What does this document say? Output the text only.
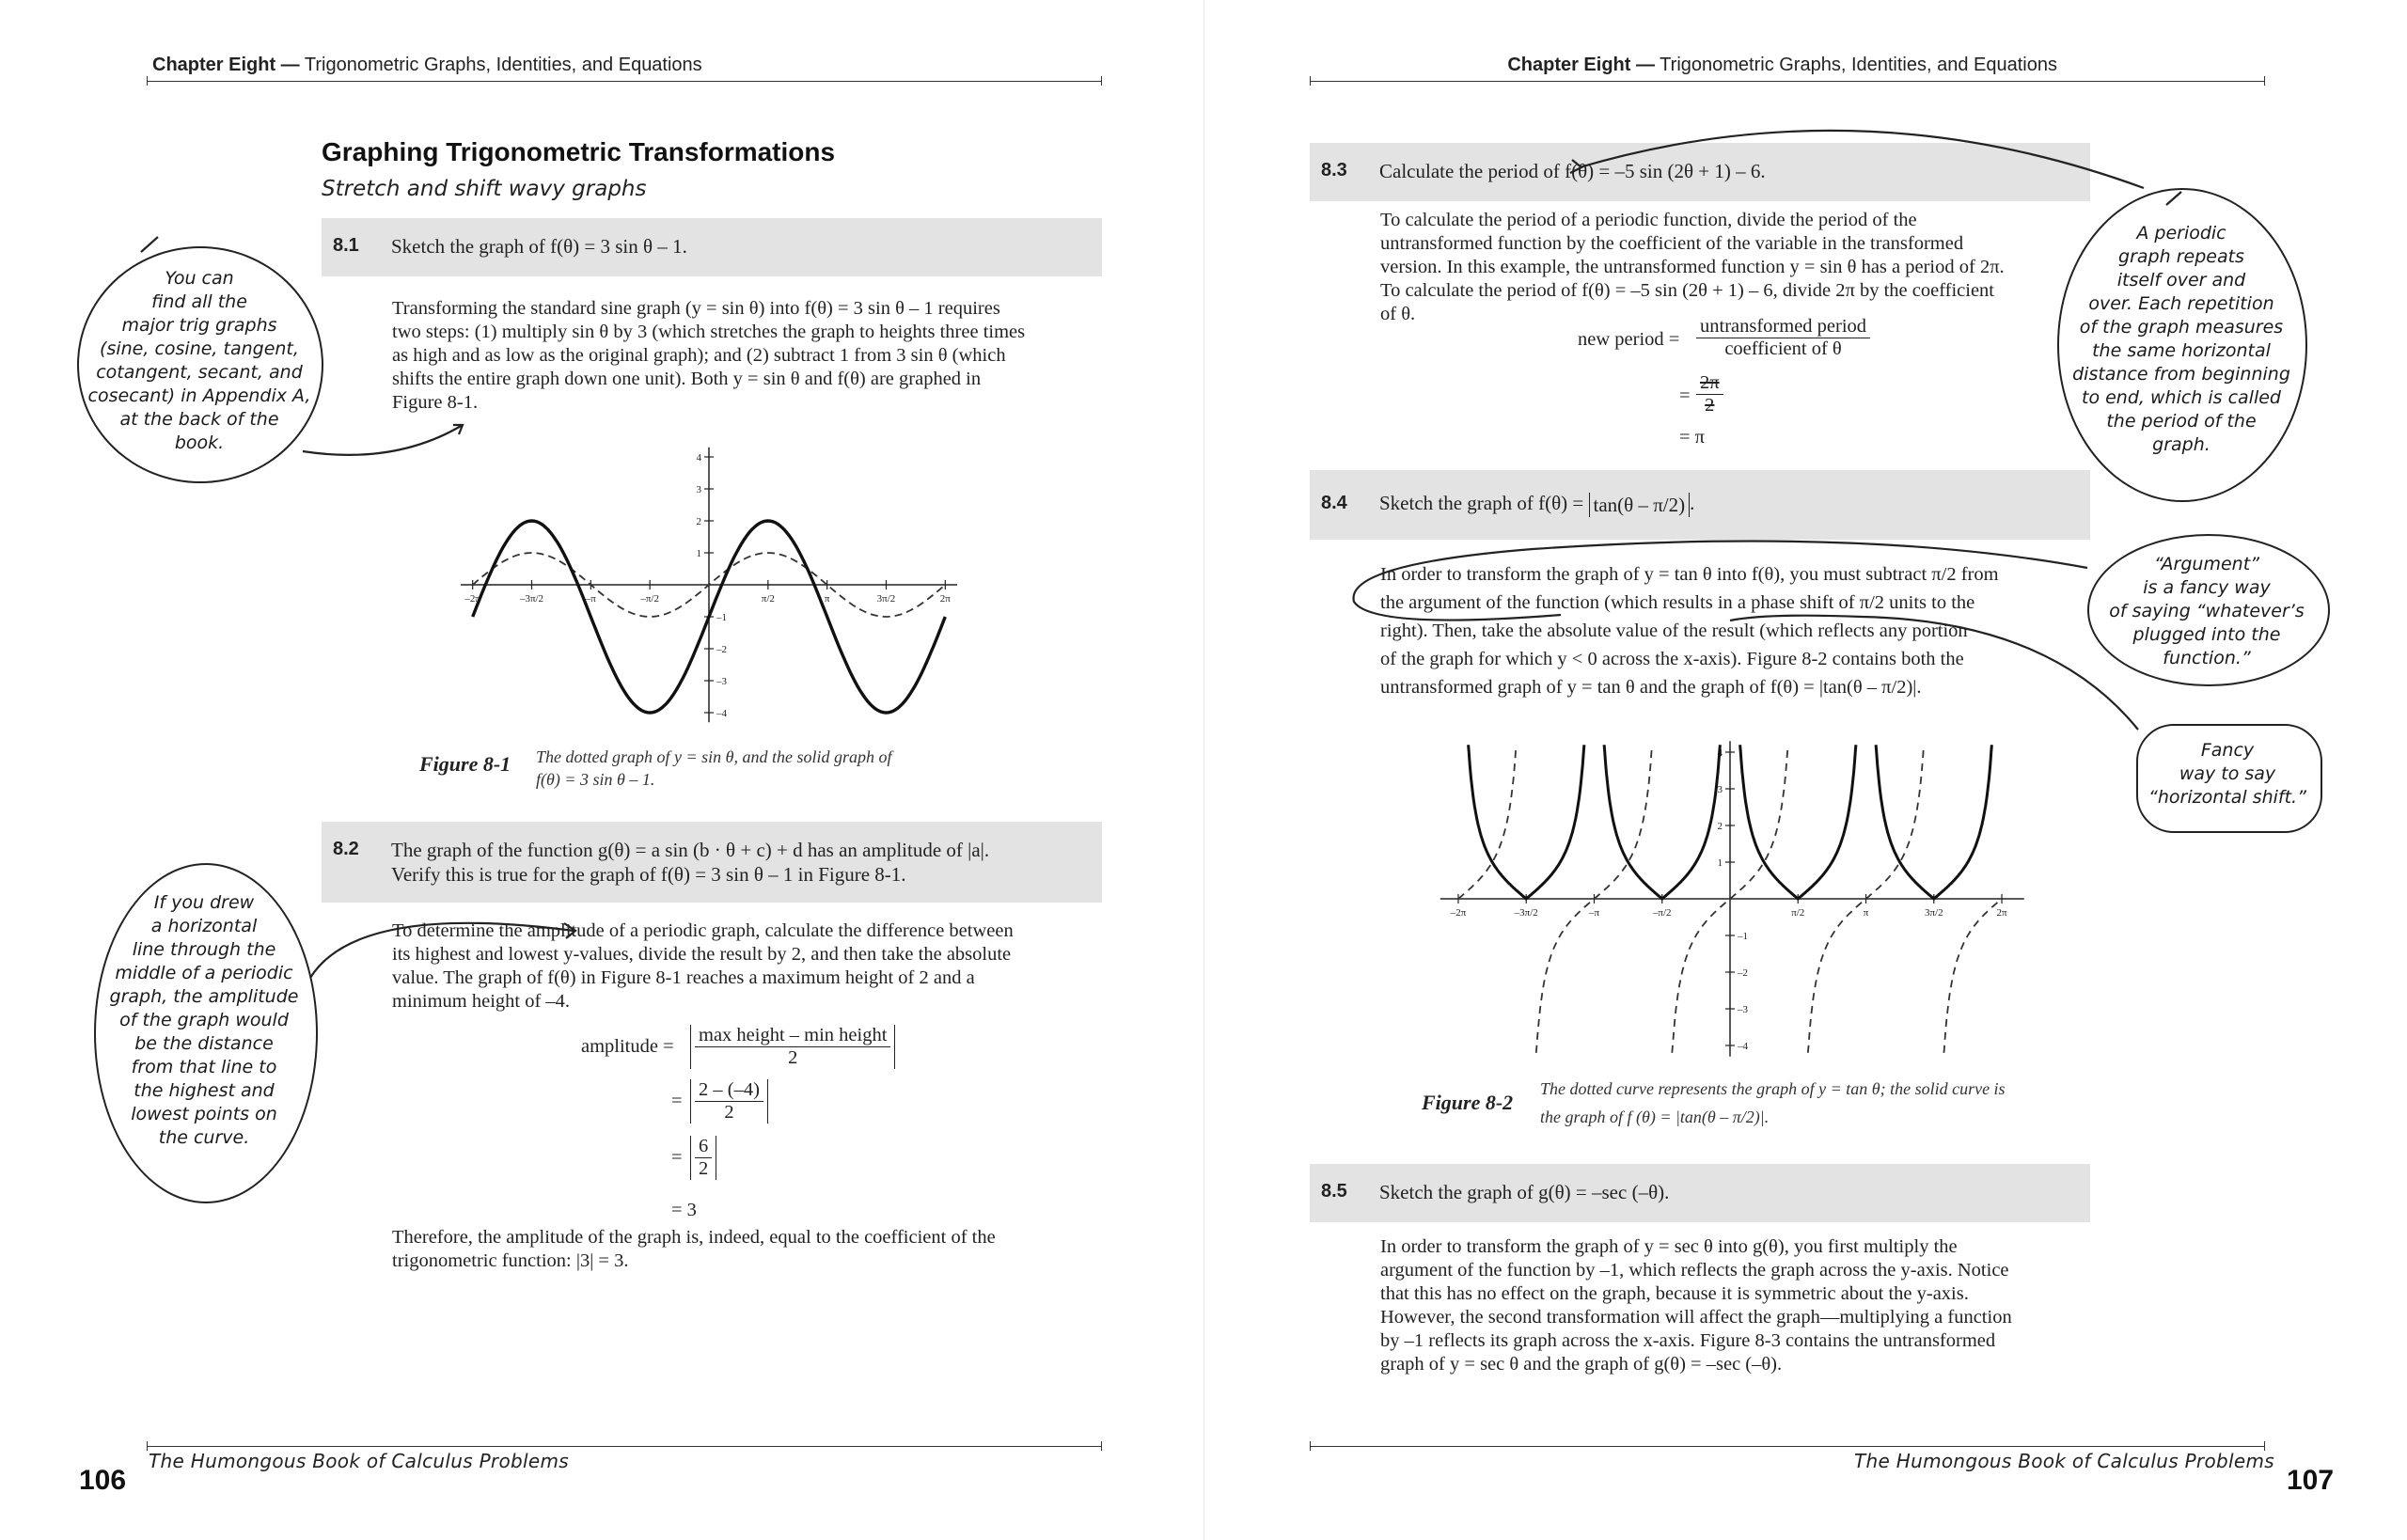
Chapter Eight — Trigonometric Graphs, Identities, and Equations
Graphing Trigonometric Transformations
Stretch and shift wavy graphs
8.1 Sketch the graph of f(θ) = 3 sin θ – 1.
Transforming the standard sine graph (y = sin θ) into f(θ) = 3 sin θ – 1 requires
two steps: (1) multiply sin θ by 3 (which stretches the graph to heights three times
as high and as low as the original graph); and (2) subtract 1 from 3 sin θ (which
shifts the entire graph down one unit). Both y = sin θ and f(θ) are graphed in
Figure 8-1.
–2π	–3π/2	–π	–π/2	π/2	π	3π/2	2π
4
3
2
1
–1
–2
–3
–4
Figure 8-1 The dotted graph of y = sin θ, and the solid graph of
f(θ) = 3 sin θ – 1.
8.2 The graph of the function g(θ) = a sin (b · θ + c) + d has an amplitude of |a|.
Verify this is true for the graph of f(θ) = 3 sin θ – 1 in Figure 8-1.
To determine the amplitude of a periodic graph, calculate the difference between
its highest and lowest y-values, divide the result by 2, and then take the absolute
value. The graph of f(θ) in Figure 8-1 reaches a maximum height of 2 and a
minimum height of –4.
amplitude = $\frac{\text{max height – min height}}{2}$
= $\frac{2 - (-4)}{2}$
= $\frac{6}{2}$
= 3
Therefore, the amplitude of the graph is, indeed, equal to the coefficient of the
trigonometric function: |3| = 3.
You can
find all the
major trig graphs
(sine, cosine, tangent,
cotangent, secant, and
cosecant) in Appendix A,
at the back of the
book.
If you drew
a horizontal
line through the
middle of a periodic
graph, the amplitude
of the graph would
be the distance
from that line to
the highest and
lowest points on
the curve.
106
The Humongous Book of Calculus Problems
Chapter Eight — Trigonometric Graphs, Identities, and Equations
8.3 Calculate the period of f(θ) = –5 sin (2θ + 1) – 6.
To calculate the period of a periodic function, divide the period of the
untransformed function by the coefficient of the variable in the transformed
version. In this example, the untransformed function y = sin θ has a period of 2π.
To calculate the period of f(θ) = –5 sin (2θ + 1) – 6, divide 2π by the coefficient
of θ.
new period = $\frac{\text{untransformed period}}{\text{coefficient of θ}}$
= $\frac{2\pi}{2}$
= π
8.4 Sketch the graph of f(θ) = tan(θ – π/2) .
In order to transform the graph of y = tan θ into f(θ), you must subtract π/2 from
the argument of the function (which results in a phase shift of π/2 units to the
right). Then, take the absolute value of the result (which reflects any portion
of the graph for which y < 0 across the x-axis). Figure 8-2 contains both the
untransformed graph of y = tan θ and the graph of f(θ) = |tan(θ – π/2)|.
–2π	–3π/2	–π	–π/2	π/2	π	3π/2	2π
4
3
2
1
–1
–2
–3
–4
Figure 8-2
The dotted curve represents the graph of y = tan θ; the solid curve is
the graph of f (θ) = |tan(θ – π/2)|.
8.5 Sketch the graph of g(θ) = –sec (–θ).
In order to transform the graph of y = sec θ into g(θ), you first multiply the
argument of the function by –1, which reflects the graph across the y-axis. Notice
that this has no effect on the graph, because it is symmetric about the y-axis.
However, the second transformation will affect the graph—multiplying a function
by –1 reflects its graph across the x-axis. Figure 8-3 contains the untransformed
graph of y = sec θ and the graph of g(θ) = –sec (–θ).
A periodic
graph repeats
itself over and
over. Each repetition
of the graph measures
the same horizontal
distance from beginning
to end, which is called
the period of the
graph.
“Argument”
is a fancy way
of saying “whatever’s
plugged into the
function.”
Fancy
way to say
“horizontal shift.”
107
The Humongous Book of Calculus Problems
